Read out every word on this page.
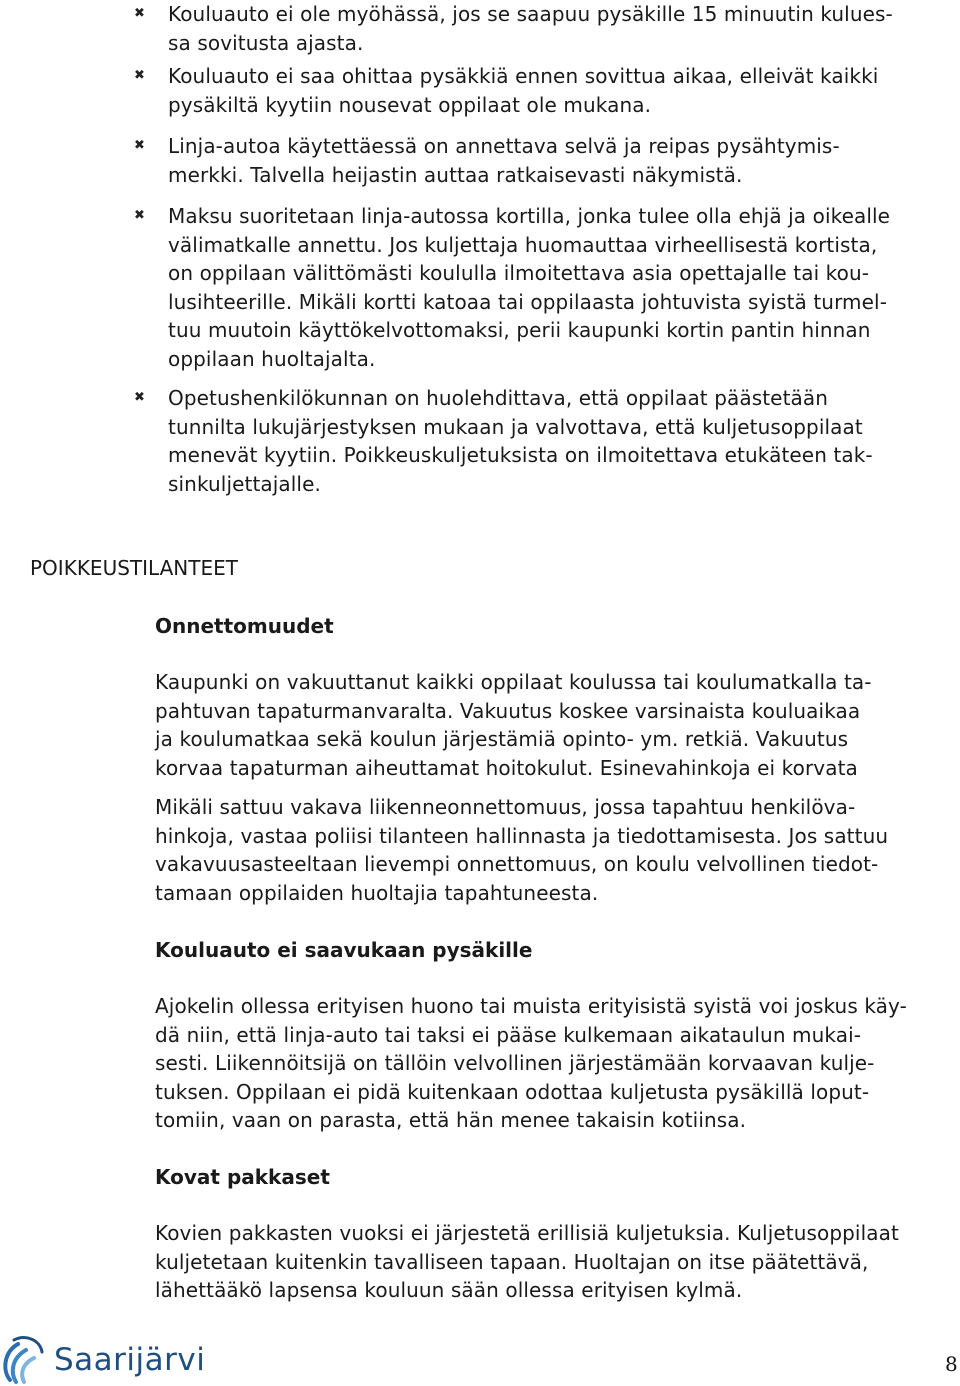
✖ Kouluauto ei ole myöhässä, jos se saapuu pysäkille 15 minuutin kulues-
sa sovitusta ajasta.
✖ Kouluauto ei saa ohittaa pysäkkiä ennen sovittua aikaa, elleivät kaikki
pysäkiltä kyytiin nousevat oppilaat ole mukana.
✖ Linja-autoa käytettäessä on annettava selvä ja reipas pysähtymis-
merkki. Talvella heijastin auttaa ratkaisevasti näkymistä.
✖ Maksu suoritetaan linja-autossa kortilla, jonka tulee olla ehjä ja oikealle
välimatkalle annettu. Jos kuljettaja huomauttaa virheellisestä kortista,
on oppilaan välittömästi koululla ilmoitettava asia opettajalle tai kou-
lusihteerille. Mikäli kortti katoaa tai oppilaasta johtuvista syistä turmel-
tuu muutoin käyttökelvottomaksi, perii kaupunki kortin pantin hinnan
oppilaan huoltajalta.
✖ Opetushenkilökunnan on huolehdittava, että oppilaat päästetään
tunnilta lukujärjestyksen mukaan ja valvottava, että kuljetusoppilaat
menevät kyytiin. Poikkeuskuljetuksista on ilmoitettava etukäteen tak-
sinkuljettajalle.
POIKKEUSTILANTEET
Onnettomuudet
Kaupunki on vakuuttanut kaikki oppilaat koulussa tai koulumatkalla ta-
pahtuvan tapaturmanvaralta. Vakuutus koskee varsinaista kouluaikaa
ja koulumatkaa sekä koulun järjestämiä opinto- ym. retkiä. Vakuutus
korvaa tapaturman aiheuttamat hoitokulut. Esinevahinkoja ei korvata
Mikäli sattuu vakava liikenneonnettomuus, jossa tapahtuu henkilöva-
hinkoja, vastaa poliisi tilanteen hallinnasta ja tiedottamisesta. Jos sattuu
vakavuusasteeltaan lievempi onnettomuus, on koulu velvollinen tiedot-
tamaan oppilaiden huoltajia tapahtuneesta.
Kouluauto ei saavukaan pysäkille
Ajokelin ollessa erityisen huono tai muista erityisistä syistä voi joskus käy-
dä niin, että linja-auto tai taksi ei pääse kulkemaan aikataulun mukai-
sesti. Liikennöitsijä on tällöin velvollinen järjestämään korvaavan kulje-
tuksen. Oppilaan ei pidä kuitenkaan odottaa kuljetusta pysäkillä loput-
tomiin, vaan on parasta, että hän menee takaisin kotiinsa.
Kovat pakkaset
Kovien pakkasten vuoksi ei järjestetä erillisiä kuljetuksia. Kuljetusoppilaat
kuljetetaan kuitenkin tavalliseen tapaan. Huoltajan on itse päätettävä,
lähettääkö lapsensa kouluun sään ollessa erityisen kylmä.
Saarijärvi	8
